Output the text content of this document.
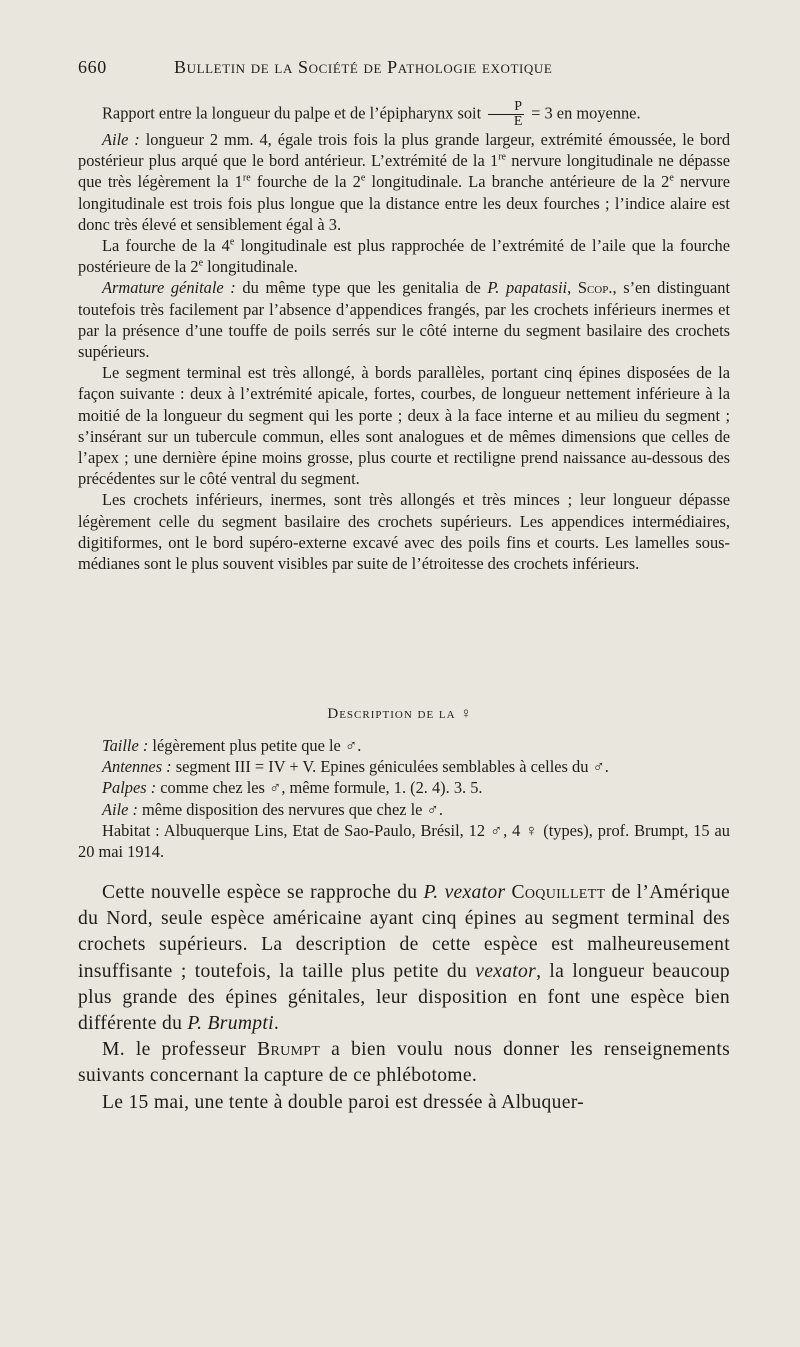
660	Bulletin de la Société de Pathologie exotique

Rapport entre la longueur du palpe et de l’épipharynx soit $\frac{P}{E} = 3$ en moyenne.

Aile : longueur 2 mm. 4, égale trois fois la plus grande largeur, extrémité émoussée, le bord postérieur plus arqué que le bord antérieur. L’extrémité de la 1re nervure longitudinale ne dépasse que très légèrement la 1re fourche de la 2e longitudinale. La branche antérieure de la 2e nervure longitudinale est trois fois plus longue que la distance entre les deux fourches ; l’indice alaire est donc très élevé et sensiblement égal à 3.

La fourche de la 4e longitudinale est plus rapprochée de l’extrémité de l’aile que la fourche postérieure de la 2e longitudinale.

Armature génitale : du même type que les genitalia de P. papatasii, Scop., s’en distinguant toutefois très facilement par l’absence d’appendices frangés, par les crochets inférieurs inermes et par la présence d’une touffe de poils serrés sur le côté interne du segment basilaire des crochets supérieurs.

Le segment terminal est très allongé, à bords parallèles, portant cinq épines disposées de la façon suivante : deux à l’extrémité apicale, fortes, courbes, de longueur nettement inférieure à la moitié de la longueur du segment qui les porte ; deux à la face interne et au milieu du segment ; s’insérant sur un tubercule commun, elles sont analogues et de mêmes dimensions que celles de l’apex ; une dernière épine moins grosse, plus courte et rectiligne prend naissance au-dessous des précédentes sur le côté ventral du segment.

Les crochets inférieurs, inermes, sont très allongés et très minces ; leur longueur dépasse légèrement celle du segment basilaire des crochets supérieurs. Les appendices intermédiaires, digitiformes, ont le bord supéro-externe excavé avec des poils fins et courts. Les lamelles sous-médianes sont le plus souvent visibles par suite de l’étroitesse des crochets inférieurs.

Description de la ♀

Taille : légèrement plus petite que le ♂.

Antennes : segment III = IV + V. Epines géniculées semblables à celles du ♂.

Palpes : comme chez les ♂, même formule, 1. (2. 4). 3. 5.

Aile : même disposition des nervures que chez le ♂.

Habitat : Albuquerque Lins, Etat de Sao-Paulo, Brésil, 12 ♂, 4 ♀ (types), prof. Brumpt, 15 au 20 mai 1914.

Cette nouvelle espèce se rapproche du P. vexator Coquillett de l’Amérique du Nord, seule espèce américaine ayant cinq épines au segment terminal des crochets supérieurs. La description de cette espèce est malheureusement insuffisante ; toutefois, la taille plus petite du vexator, la longueur beaucoup plus grande des épines génitales, leur disposition en font une espèce bien différente du P. Brumpti.

M. le professeur Brumpt a bien voulu nous donner les renseignements suivants concernant la capture de ce phlébotome.

Le 15 mai, une tente à double paroi est dressée à Albuquer-
